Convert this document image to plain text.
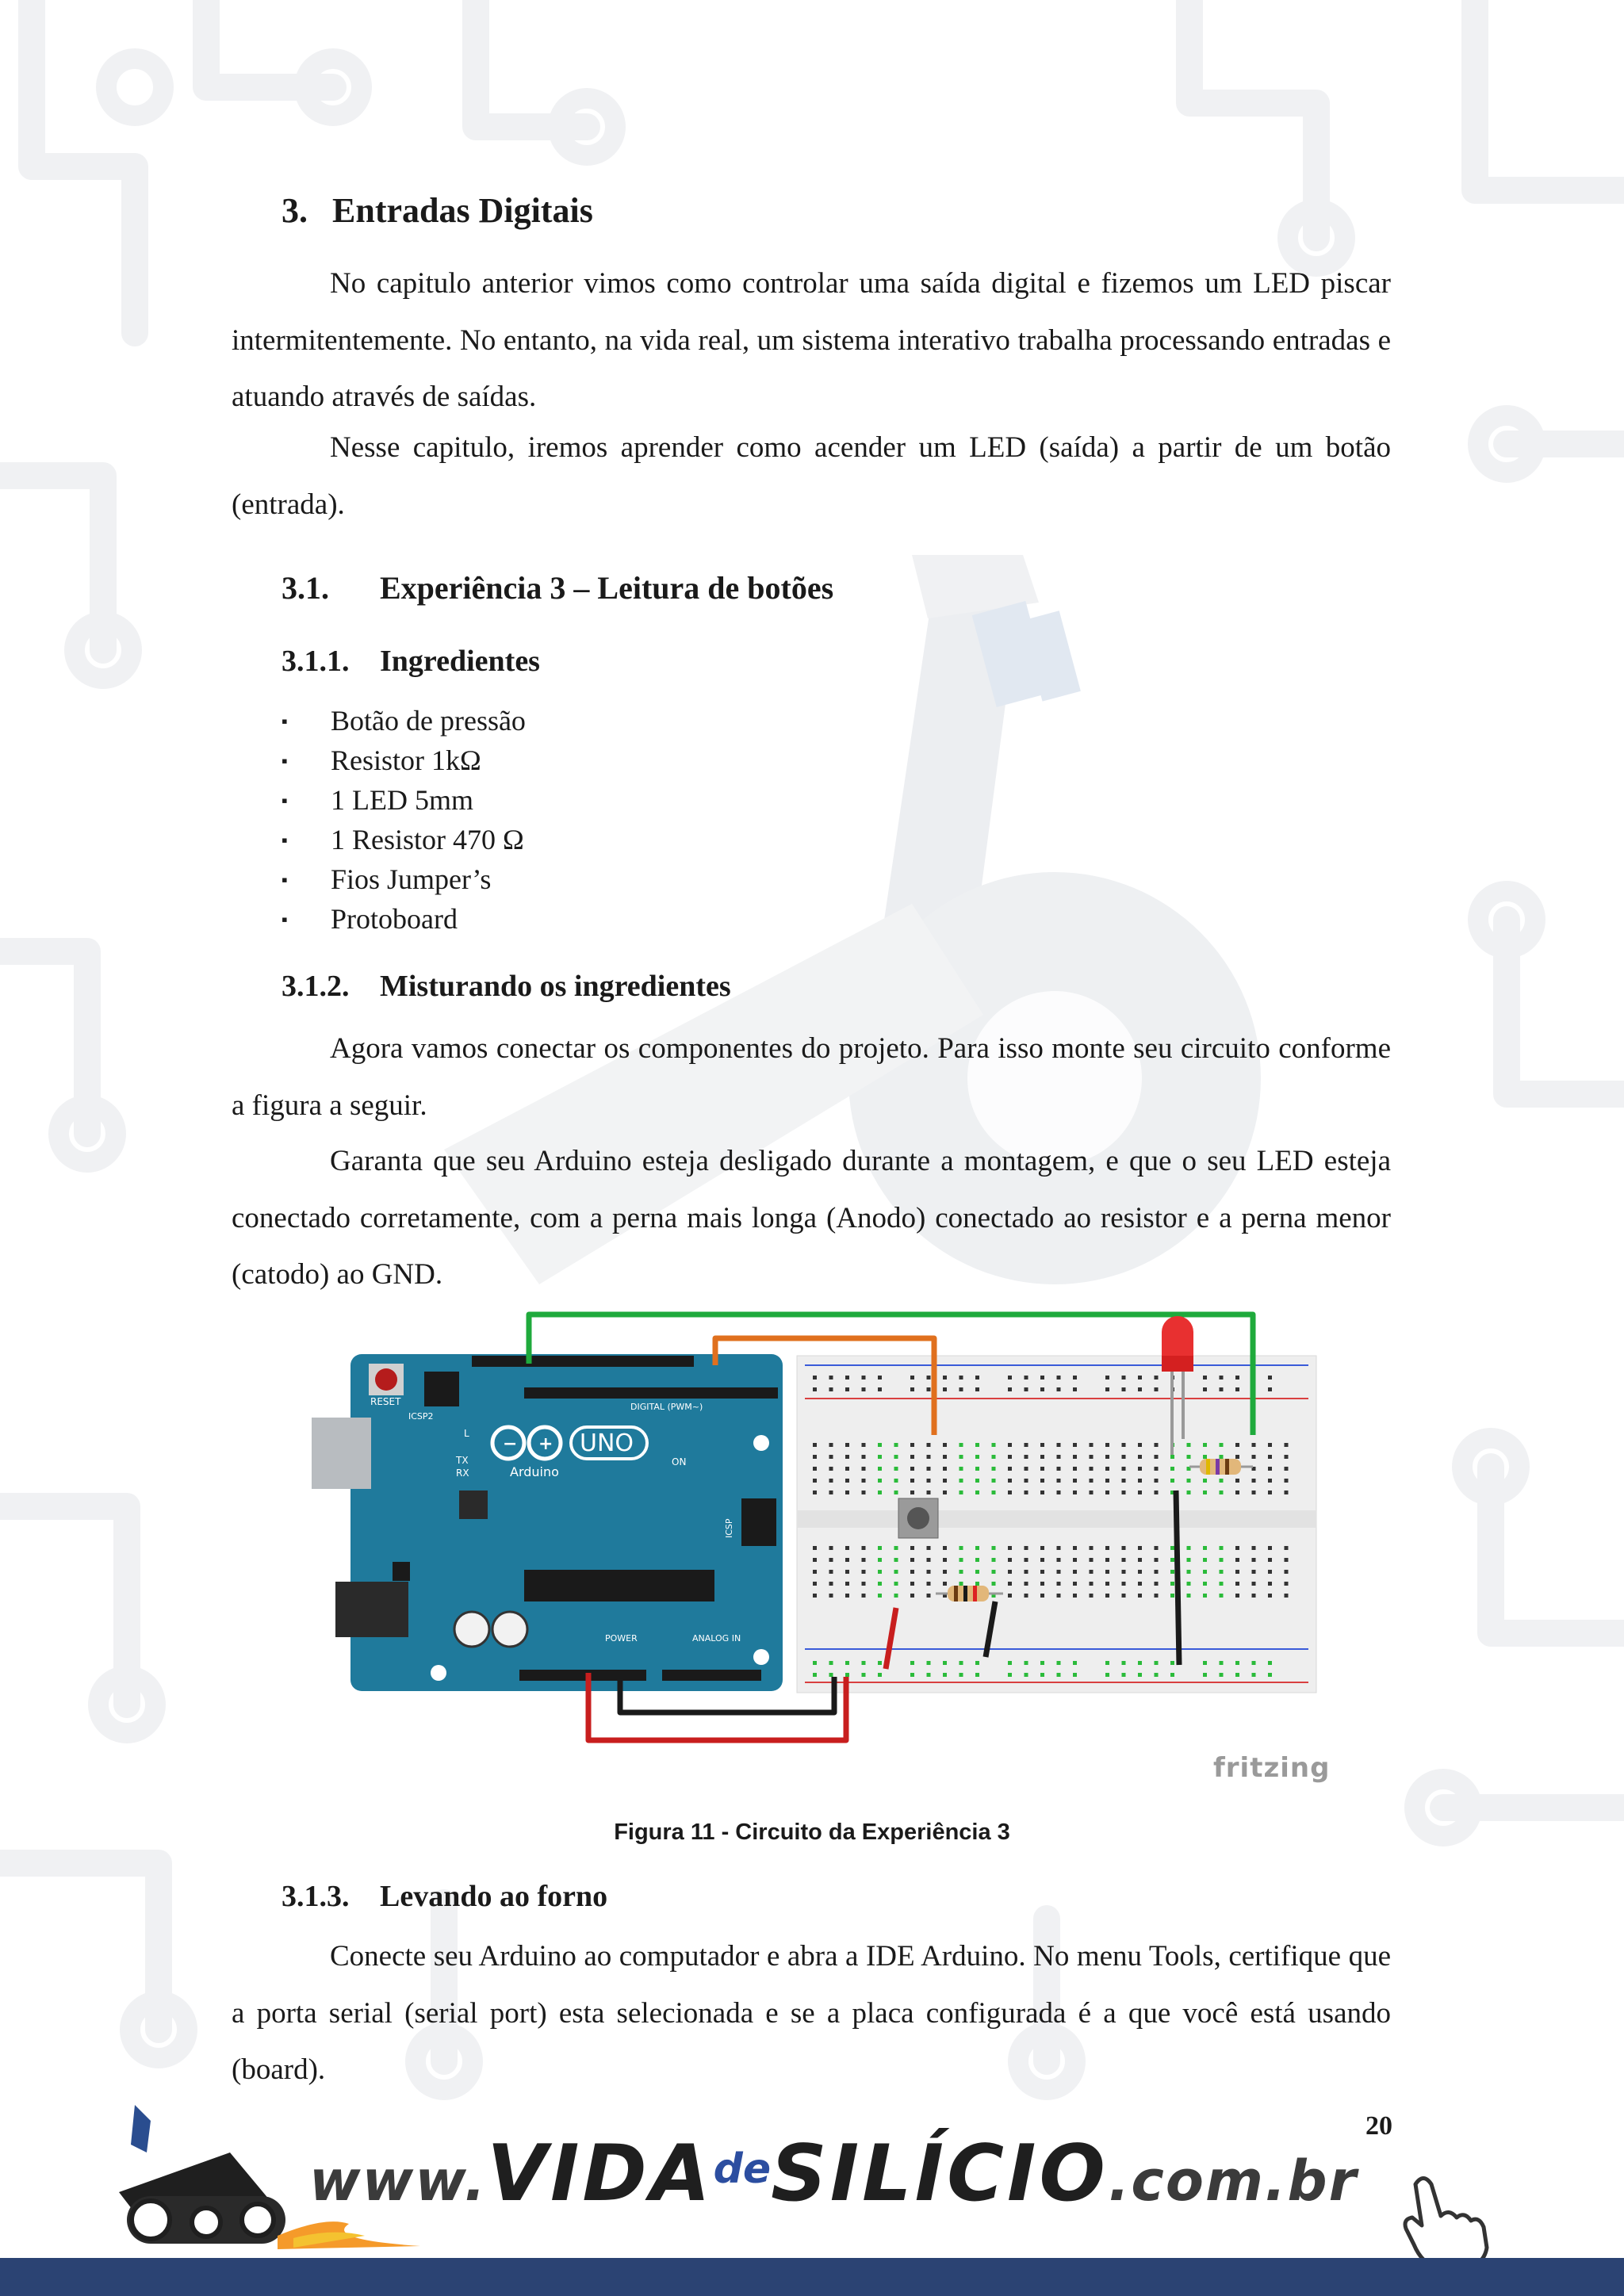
3. Entradas Digitais

No capitulo anterior vimos como controlar uma saída digital e fizemos um LED piscar intermitentemente. No entanto, na vida real, um sistema interativo trabalha processando entradas e atuando através de saídas.

Nesse capitulo, iremos aprender como acender um LED (saída) a partir de um botão (entrada).

3.1. Experiência 3 – Leitura de botões
3.1.1. Ingredientes
▪ Botão de pressão
▪ Resistor 1kΩ
▪ 1 LED 5mm
▪ 1 Resistor 470 Ω
▪ Fios Jumper’s
▪ Protoboard
3.1.2. Misturando os ingredientes

Agora vamos conectar os componentes do projeto. Para isso monte seu circuito conforme a figura a seguir.

Garanta que seu Arduino esteja desligado durante a montagem, e que o seu LED esteja conectado corretamente, com a perna mais longa (Anodo) conectado ao resistor e a perna menor (catodo) ao GND.

RESET
ICSP2
DIGITAL (PWM~)
− + UNO
Arduino
L
TX
RX
ON
ICSP
POWER	ANALOG IN
fritzing
Figura 11 - Circuito da Experiência 3
3.1.3. Levando ao forno

Conecte seu Arduino ao computador e abra a IDE Arduino. No menu Tools, certifique que a porta serial (serial port) esta selecionada e se a placa configurada é a que você está usando (board).

20
www.VIDAdeSILÍCIO.com.br
